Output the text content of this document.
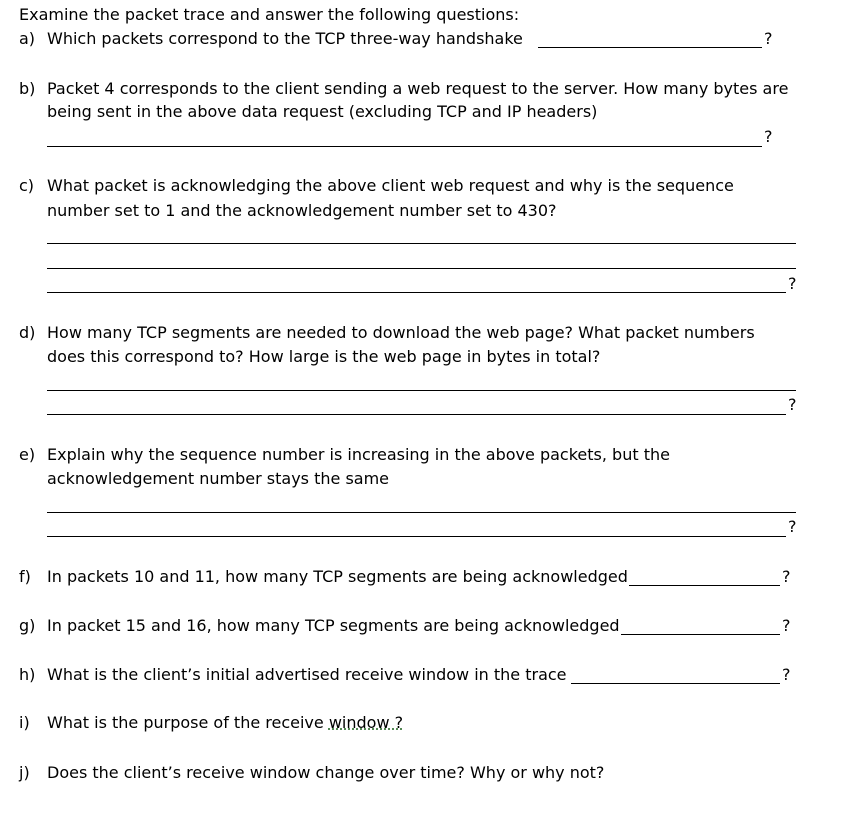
Examine the packet trace and answer the following questions:
a) Which packets correspond to the TCP three-way handshake	?
b) Packet 4 corresponds to the client sending a web request to the server. How many bytes are
being sent in the above data request (excluding TCP and IP headers)
?
c) What packet is acknowledging the above client web request and why is the sequence
number set to 1 and the acknowledgement number set to 430?
?
d) How many TCP segments are needed to download the web page? What packet numbers
does this correspond to? How large is the web page in bytes in total?
?
e) Explain why the sequence number is increasing in the above packets, but the
acknowledgement number stays the same
?
f) In packets 10 and 11, how many TCP segments are being acknowledged	?
g) In packet 15 and 16, how many TCP segments are being acknowledged	?
h) What is the client’s initial advertised receive window in the trace	?
i) What is the purpose of the receive window ?
j) Does the client’s receive window change over time? Why or why not?
